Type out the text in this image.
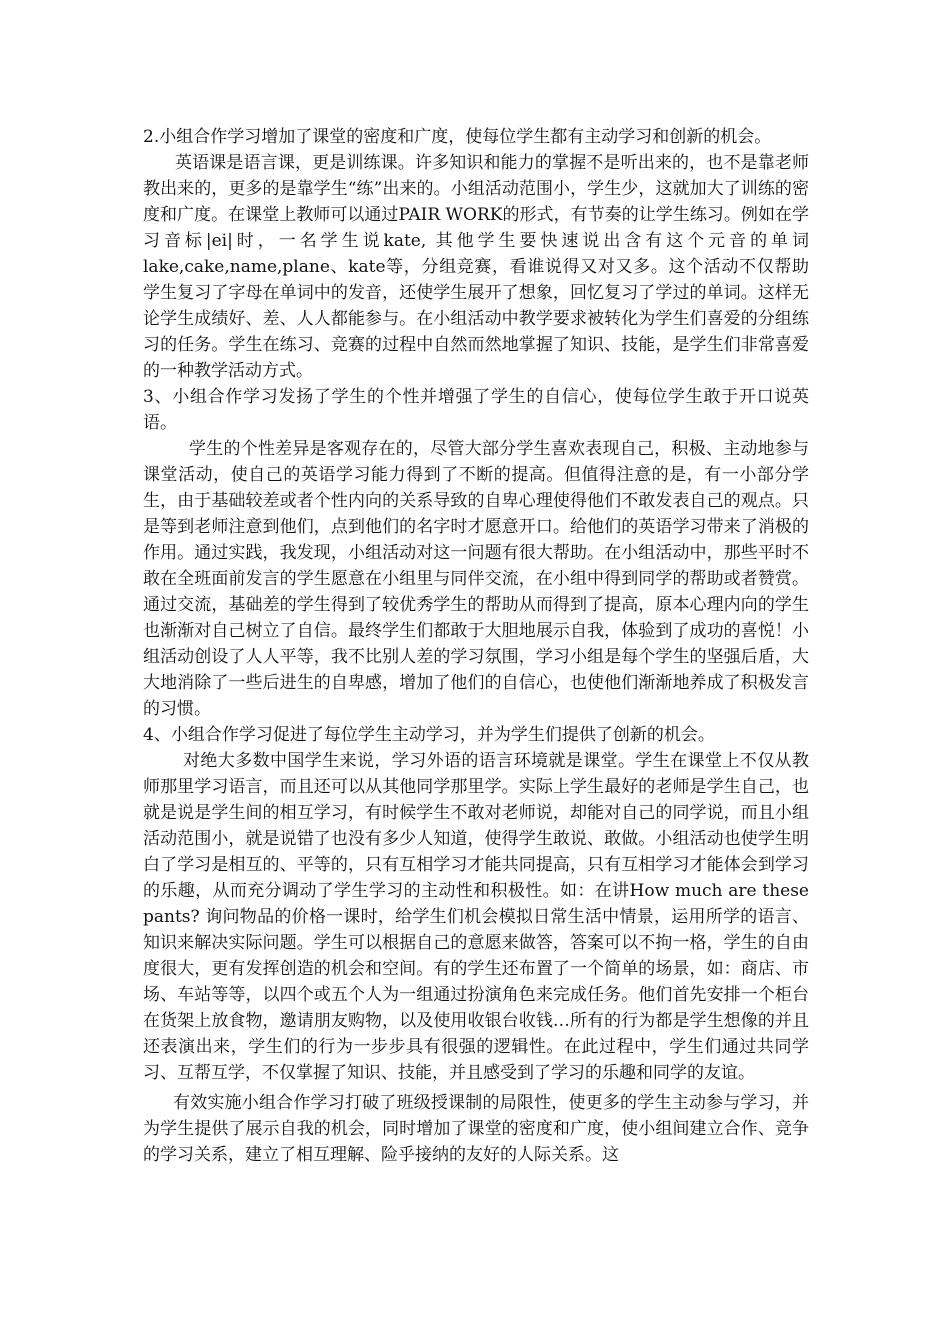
2.小组合作学习增加了课堂的密度和广度，使每位学生都有主动学习和创新的机会。

英语课是语言课，更是训练课。许多知识和能力的掌握不是听出来的，也不是靠老师教出来的，更多的是靠学生“练”出来的。小组活动范围小，学生少，这就加大了训练的密度和广度。在课堂上教师可以通过PAIR WORK的形式，有节奏的让学生练习。例如在学习音标|ei|时，一名学生说kate, 其他学生要快速说出含有这个元音的单词lake,cake,name,plane、kate等，分组竞赛，看谁说得又对又多。这个活动不仅帮助学生复习了字母在单词中的发音，还使学生展开了想象，回忆复习了学过的单词。这样无论学生成绩好、差、人人都能参与。在小组活动中教学要求被转化为学生们喜爱的分组练习的任务。学生在练习、竞赛的过程中自然而然地掌握了知识、技能，是学生们非常喜爱的一种教学活动方式。

3、小组合作学习发扬了学生的个性并增强了学生的自信心，使每位学生敢于开口说英语。

学生的个性差异是客观存在的，尽管大部分学生喜欢表现自己，积极、主动地参与课堂活动，使自己的英语学习能力得到了不断的提高。但值得注意的是，有一小部分学生，由于基础较差或者个性内向的关系导致的自卑心理使得他们不敢发表自己的观点。只是等到老师注意到他们，点到他们的名字时才愿意开口。给他们的英语学习带来了消极的作用。通过实践，我发现，小组活动对这一问题有很大帮助。在小组活动中，那些平时不敢在全班面前发言的学生愿意在小组里与同伴交流，在小组中得到同学的帮助或者赞赏。通过交流，基础差的学生得到了较优秀学生的帮助从而得到了提高，原本心理内向的学生也渐渐对自己树立了自信。最终学生们都敢于大胆地展示自我，体验到了成功的喜悦！小组活动创设了人人平等，我不比别人差的学习氛围，学习小组是每个学生的坚强后盾，大大地消除了一些后进生的自卑感，增加了他们的自信心，也使他们渐渐地养成了积极发言的习惯。

4、小组合作学习促进了每位学生主动学习，并为学生们提供了创新的机会。

对绝大多数中国学生来说，学习外语的语言环境就是课堂。学生在课堂上不仅从教师那里学习语言，而且还可以从其他同学那里学。实际上学生最好的老师是学生自己，也就是说是学生间的相互学习，有时候学生不敢对老师说，却能对自己的同学说，而且小组活动范围小，就是说错了也没有多少人知道，使得学生敢说、敢做。小组活动也使学生明白了学习是相互的、平等的，只有互相学习才能共同提高，只有互相学习才能体会到学习的乐趣，从而充分调动了学生学习的主动性和积极性。如：在讲How much are these pants? 询问物品的价格一课时，给学生们机会模拟日常生活中情景，运用所学的语言、知识来解决实际问题。学生可以根据自己的意愿来做答，答案可以不拘一格，学生的自由度很大，更有发挥创造的机会和空间。有的学生还布置了一个简单的场景，如：商店、市场、车站等等，以四个或五个人为一组通过扮演角色来完成任务。他们首先安排一个柜台在货架上放食物，邀请朋友购物，以及使用收银台收钱…所有的行为都是学生想像的并且还表演出来，学生们的行为一步步具有很强的逻辑性。在此过程中，学生们通过共同学习、互帮互学，不仅掌握了知识、技能，并且感受到了学习的乐趣和同学的友谊。

有效实施小组合作学习打破了班级授课制的局限性，使更多的学生主动参与学习，并为学生提供了展示自我的机会，同时增加了课堂的密度和广度，使小组间建立合作、竞争的学习关系，建立了相互理解、险乎接纳的友好的人际关系。这
